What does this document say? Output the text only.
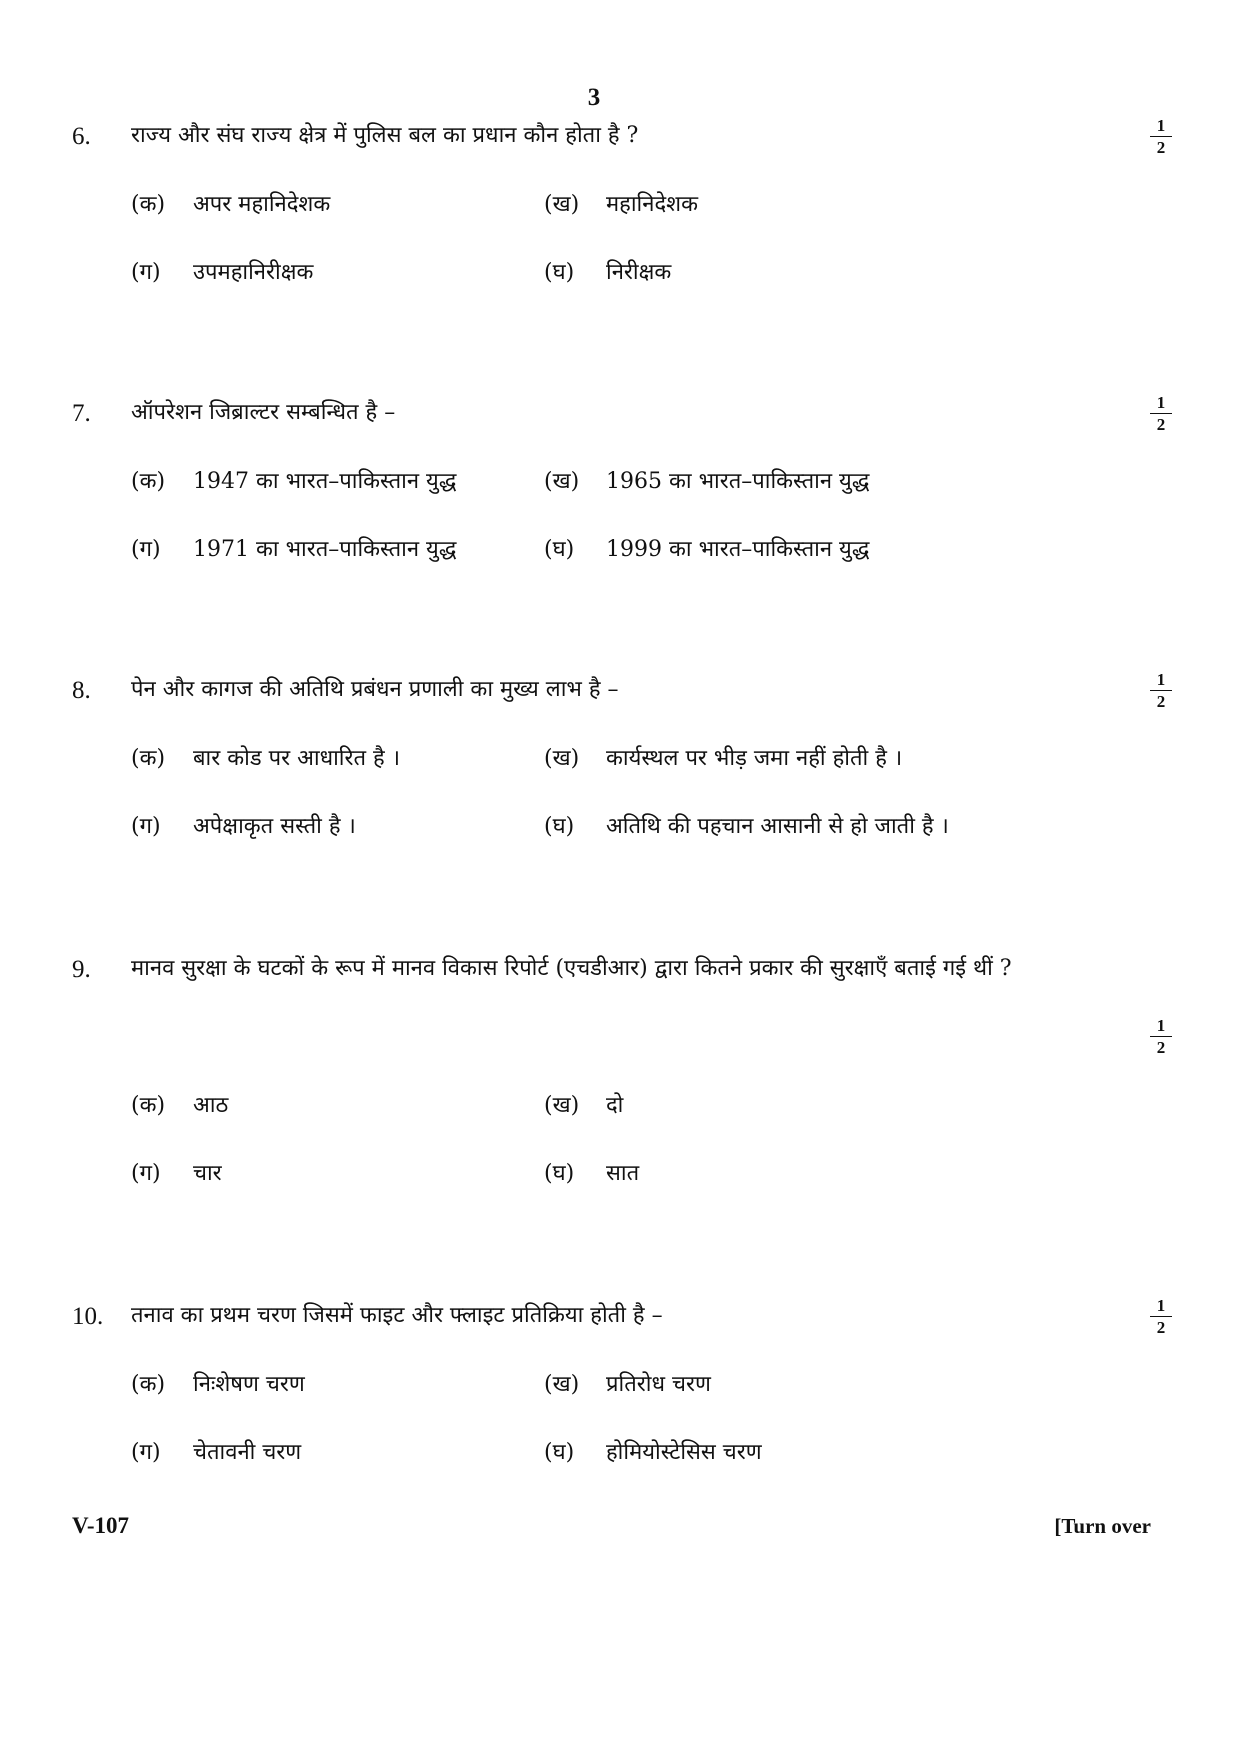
3
6. राज्य और संघ राज्य क्षेत्र में पुलिस बल का प्रधान कौन होता है ?	$\frac{1}{2}$
(क) अपर महानिदेशक	(ख) महानिदेशक
(ग) उपमहानिरीक्षक	(घ) निरीक्षक
7. ऑपरेशन जिब्राल्टर सम्बन्धित है –	$\frac{1}{2}$
(क) 1947 का भारत–पाकिस्तान युद्ध	(ख) 1965 का भारत–पाकिस्तान युद्ध
(ग) 1971 का भारत–पाकिस्तान युद्ध	(घ) 1999 का भारत–पाकिस्तान युद्ध
8. पेन और कागज की अतिथि प्रबंधन प्रणाली का मुख्य लाभ है –	$\frac{1}{2}$
(क) बार कोड पर आधारित है ।	(ख) कार्यस्थल पर भीड़ जमा नहीं होती है ।
(ग) अपेक्षाकृत सस्ती है ।	(घ) अतिथि की पहचान आसानी से हो जाती है ।
9. मानव सुरक्षा के घटकों के रूप में मानव विकास रिपोर्ट (एचडीआर) द्वारा कितने प्रकार की सुरक्षाएँ बताई गई थीं ?
$\frac{1}{2}$
(क) आठ	(ख) दो
(ग) चार	(घ) सात
10. तनाव का प्रथम चरण जिसमें फाइट और फ्लाइट प्रतिक्रिया होती है –	$\frac{1}{2}$
(क) निःशेषण चरण	(ख) प्रतिरोध चरण
(ग) चेतावनी चरण	(घ) होमियोस्टेसिस चरण
V-107	[Turn over
